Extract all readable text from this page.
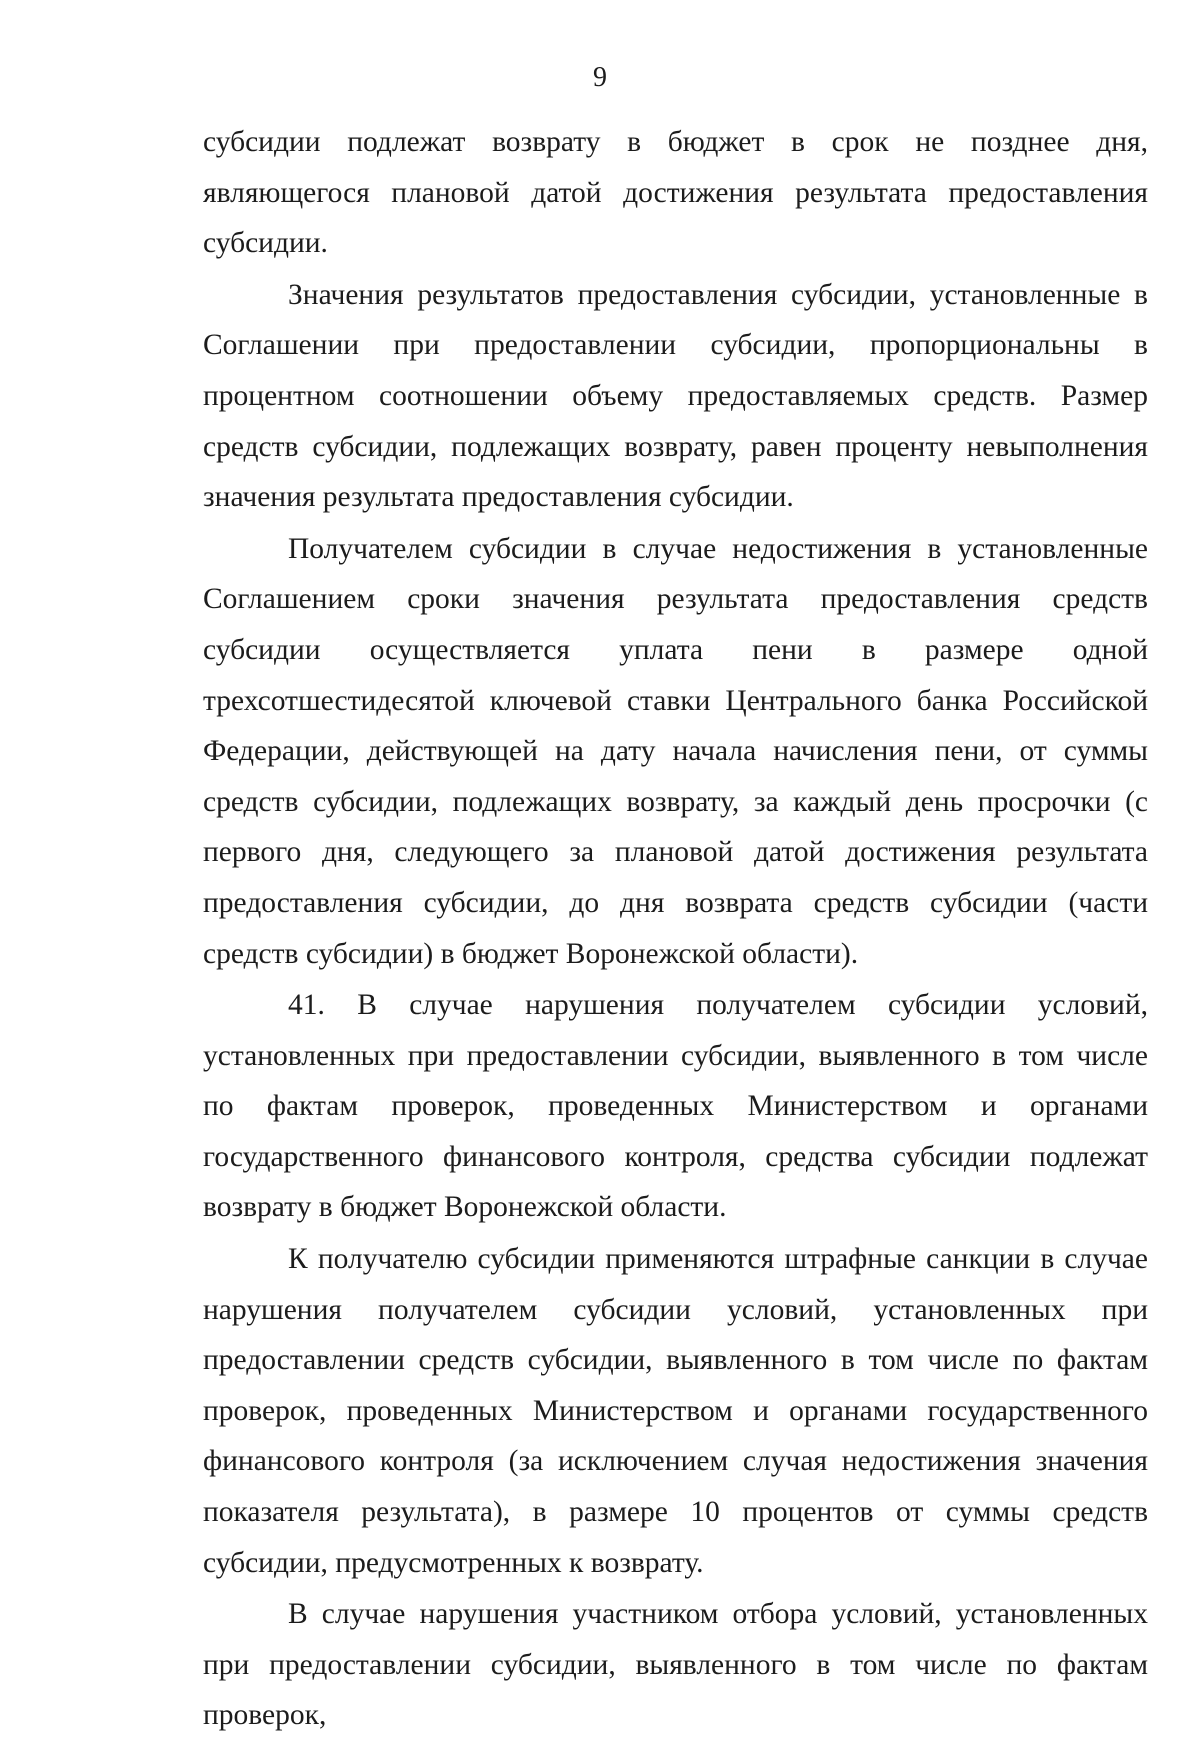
9

субсидии подлежат возврату в бюджет в срок не позднее дня, являющегося плановой датой достижения результата предоставления субсидии.

Значения результатов предоставления субсидии, установленные в Соглашении при предоставлении субсидии, пропорциональны в процентном соотношении объему предоставляемых средств. Размер средств субсидии, подлежащих возврату, равен проценту невыполнения значения результата предоставления субсидии.

Получателем субсидии в случае недостижения в установленные Соглашением сроки значения результата предоставления средств субсидии осуществляется уплата пени в размере одной трехсотшестидесятой ключевой ставки Центрального банка Российской Федерации, действующей на дату начала начисления пени, от суммы средств субсидии, подлежащих возврату, за каждый день просрочки (с первого дня, следующего за плановой датой достижения результата предоставления субсидии, до дня возврата средств субсидии (части средств субсидии) в бюджет Воронежской области).

41. В случае нарушения получателем субсидии условий, установленных при предоставлении субсидии, выявленного в том числе по фактам проверок, проведенных Министерством и органами государственного финансового контроля, средства субсидии подлежат возврату в бюджет Воронежской области.

К получателю субсидии применяются штрафные санкции в случае нарушения получателем субсидии условий, установленных при предоставлении средств субсидии, выявленного в том числе по фактам проверок, проведенных Министерством и органами государственного финансового контроля (за исключением случая недостижения значения показателя результата), в размере 10 процентов от суммы средств субсидии, предусмотренных к возврату.

В случае нарушения участником отбора условий, установленных при предоставлении субсидии, выявленного в том числе по фактам проверок,
